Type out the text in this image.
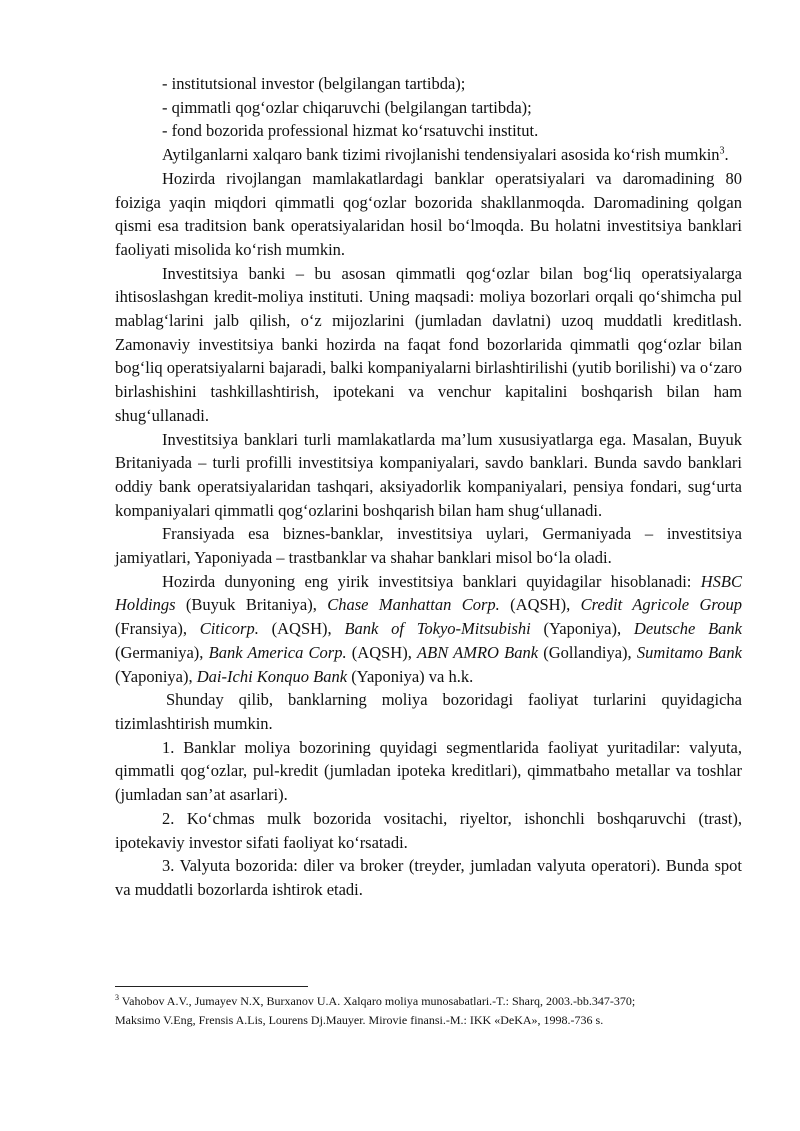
- institutsional investor (belgilangan tartibda);

- qimmatli qog‘ozlar chiqaruvchi (belgilangan tartibda);

- fond bozorida professional hizmat ko‘rsatuvchi institut.

Aytilganlarni xalqaro bank tizimi rivojlanishi tendensiyalari asosida ko‘rish mumkin$^3$.

Hozirda rivojlangan mamlakatlardagi banklar operatsiyalari va daromadining 80 foiziga yaqin miqdori qimmatli qog‘ozlar bozorida shakllanmoqda. Daromadining qolgan qismi esa traditsion bank operatsiyalaridan hosil bo‘lmoqda. Bu holatni investitsiya banklari faoliyati misolida ko‘rish mumkin.

Investitsiya banki – bu asosan qimmatli qog‘ozlar bilan bog‘liq operatsiyalarga ihtisoslashgan kredit-moliya instituti. Uning maqsadi: moliya bozorlari orqali qo‘shimcha pul mablag‘larini jalb qilish, o‘z mijozlarini (jumladan davlatni) uzoq muddatli kreditlash. Zamonaviy investitsiya banki hozirda na faqat fond bozorlarida qimmatli qog‘ozlar bilan bog‘liq operatsiyalarni bajaradi, balki kompaniyalarni birlashtirilishi (yutib borilishi) va o‘zaro birlashishini tashkillashtirish, ipotekani va venchur kapitalini boshqarish bilan ham shug‘ullanadi.

Investitsiya banklari turli mamlakatlarda ma’lum xususiyatlarga ega. Masalan, Buyuk Britaniyada – turli profilli investitsiya kompaniyalari, savdo banklari. Bunda savdo banklari oddiy bank operatsiyalaridan tashqari, aksiyadorlik kompaniyalari, pensiya fondari, sug‘urta kompaniyalari qimmatli qog‘ozlarini boshqarish bilan ham shug‘ullanadi.

Fransiyada esa biznes-banklar, investitsiya uylari, Germaniyada – investitsiya jamiyatlari, Yaponiyada – trastbanklar va shahar banklari misol bo‘la oladi.

Hozirda dunyoning eng yirik investitsiya banklari quyidagilar hisoblanadi: HSBC Holdings (Buyuk Britaniya), Chase Manhattan Corp. (AQSH), Credit Agricole Group (Fransiya), Citicorp. (AQSH), Bank of Tokyo-Mitsubishi (Yaponiya), Deutsche Bank (Germaniya), Bank America Corp. (AQSH), ABN AMRO Bank (Gollandiya), Sumitamo Bank (Yaponiya), Dai-Ichi Konquo Bank (Yaponiya) va h.k.

Shunday qilib, banklarning moliya bozoridagi faoliyat turlarini quyidagicha tizimlashtirish mumkin.

1. Banklar moliya bozorining quyidagi segmentlarida faoliyat yuritadilar: valyuta, qimmatli qog‘ozlar, pul-kredit (jumladan ipoteka kreditlari), qimmatbaho metallar va toshlar (jumladan san’at asarlari).

2. Ko‘chmas mulk bozorida vositachi, riyeltor, ishonchli boshqaruvchi (trast), ipotekaviy investor sifati faoliyat ko‘rsatadi.

3. Valyuta bozorida: diler va broker (treyder, jumladan valyuta operatori). Bunda spot va muddatli bozorlarda ishtirok etadi.

$^3$ Vahobov A.V., Jumayev N.X, Burxanov U.A. Xalqaro moliya munosabatlari.-T.: Sharq, 2003.-bb.347-370;

Maksimo V.Eng, Frensis A.Lis, Lourens Dj.Mauyer. Mirovie finansi.-M.: IKK «DeKA», 1998.-736 s.
